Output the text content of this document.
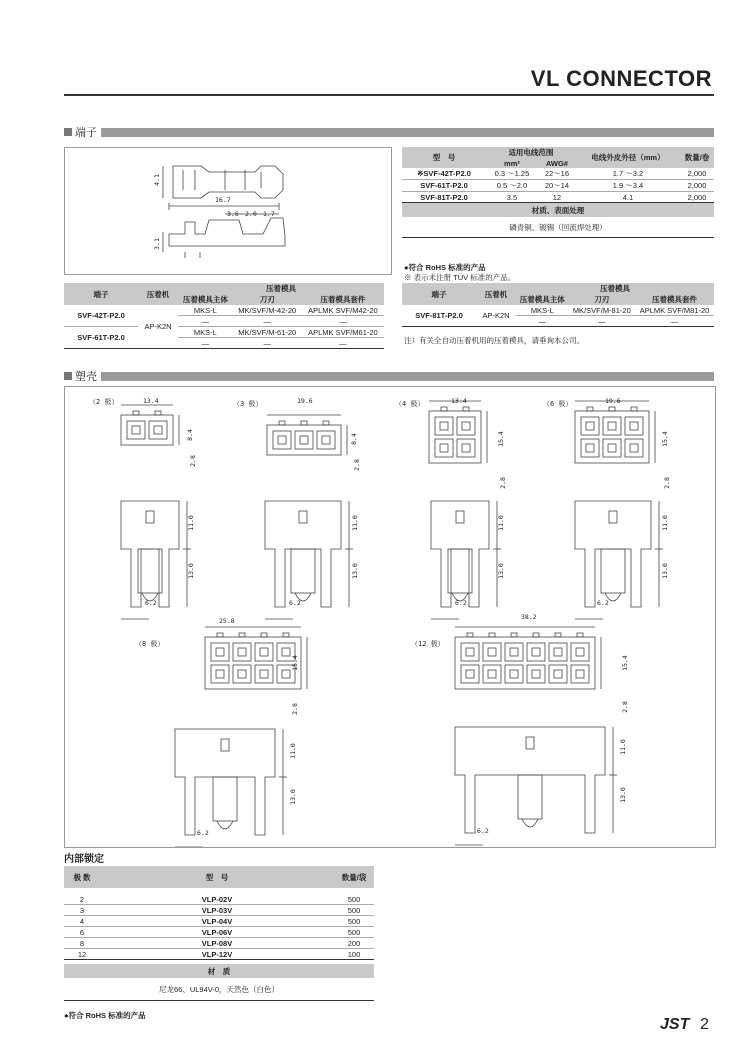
VL CONNECTOR
端子
4.1
16.7
3.6 2.0 1.7
3.1
型　号	适用电线范围		电线外皮外径（mm）	数量/卷
	mm²	AWG#		
※SVF-42T-P2.0	0.3 ～1.25	22～16	1.7 ～3.2	2,000
SVF-61T-P2.0	0.5 ～2.0	20～14	1.9 ～3.4	2,000
SVF-81T-P2.0	3.5	12	4.1	2,000
材质、表面处理				
磷青铜、镀锡（回流焊处理）				
●符合 RoHS 标准的产品
※ 表示未注册 TÜV 标准的产品。
端子	压着机	压着模具		
		压着模具主体	刀刃	压着模具套件
SVF-42T-P2.0	AP-K2N	MKS-L	MK/SVF/M-42-20	APLMK SVF/M42-20
		—	—	—
SVF-61T-P2.0		MKS-L	MK/SVF/M-61-20	APLMK SVF/M61-20
		—	—	—
端子	压着机	压着模具		
		压着模具主体	刀刃	压着模具套件
SVF-81T-P2.0	AP-K2N	MKS-L	MK/SVF/M-81-20	APLMK SVF/M81-20
		—	—	—
注）有关全自动压着机用的压着模具，请垂询本公司。
塑壳
（2 极）	（3 极）	（4 极）	（6 极）
（8 极）	（12 极）
13.4	19.6	13.4	19.6
25.8	38.2
8.4	8.4	15.4	15.4
15.4	15.4
2.8	2.8
2.8	2.8
2.8	2.8
11.0
13.0
11.0
13.0
11.0
13.0
11.0
13.0
11.0
13.0
11.0
13.0
6.2	6.2	6.2	6.2
6.2	6.2
内部锁定
极 数	型　号	数量/袋

2	VLP-02V	500
3	VLP-03V	500
4	VLP-04V	500
6	VLP-06V	500
8	VLP-08V	200
12	VLP-12V	100

材　质		
尼龙66、UL94V-0，天然色（白色）		
●符合 RoHS 标准的产品
JST 2
